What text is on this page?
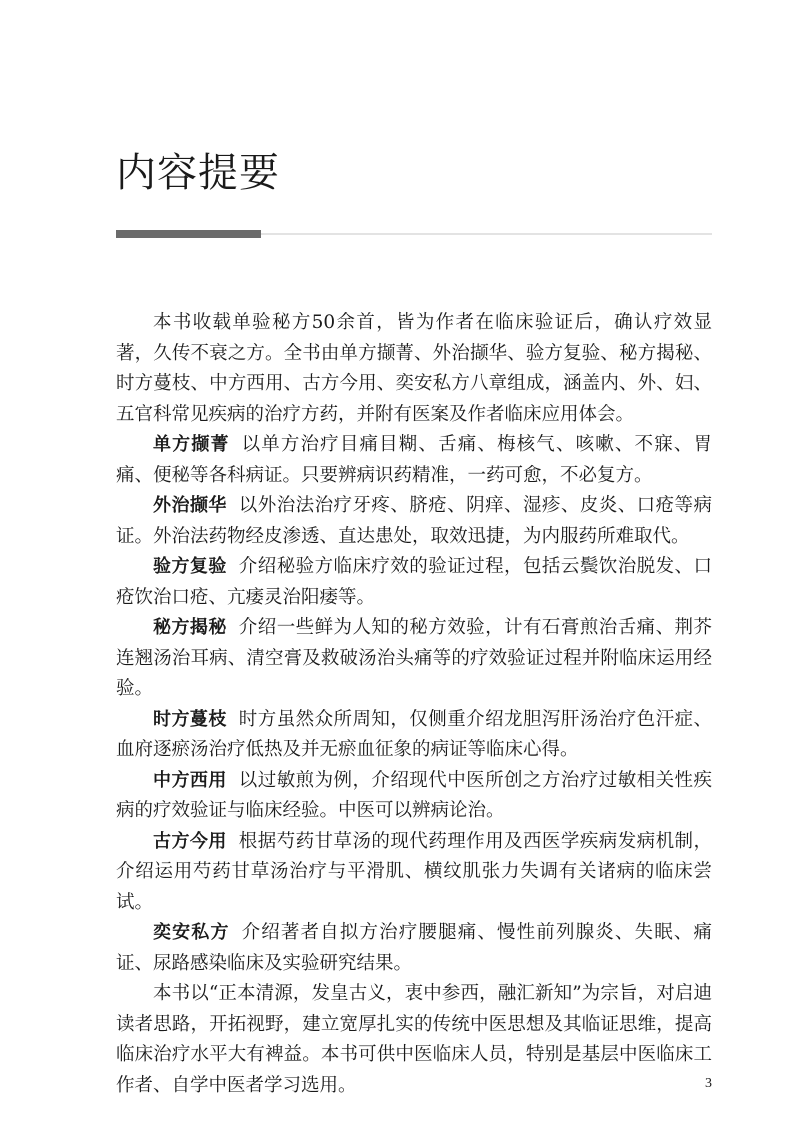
内容提要

本书收载单验秘方50余首，皆为作者在临床验证后，确认疗效显著，久传不衰之方。全书由单方撷菁、外治撷华、验方复验、秘方揭秘、时方蔓枝、中方西用、古方今用、奕安私方八章组成，涵盖内、外、妇、五官科常见疾病的治疗方药，并附有医案及作者临床应用体会。

单方撷菁 以单方治疗目痛目糊、舌痛、梅核气、咳嗽、不寐、胃痛、便秘等各科病证。只要辨病识药精准，一药可愈，不必复方。

外治撷华 以外治法治疗牙疼、脐疮、阴痒、湿疹、皮炎、口疮等病证。外治法药物经皮渗透、直达患处，取效迅捷，为内服药所难取代。

验方复验 介绍秘验方临床疗效的验证过程，包括云鬓饮治脱发、口疮饮治口疮、亢痿灵治阳痿等。

秘方揭秘 介绍一些鲜为人知的秘方效验，计有石膏煎治舌痛、荆芥连翘汤治耳病、清空膏及救破汤治头痛等的疗效验证过程并附临床运用经验。

时方蔓枝 时方虽然众所周知，仅侧重介绍龙胆泻肝汤治疗色汗症、血府逐瘀汤治疗低热及并无瘀血征象的病证等临床心得。

中方西用 以过敏煎为例，介绍现代中医所创之方治疗过敏相关性疾病的疗效验证与临床经验。中医可以辨病论治。

古方今用 根据芍药甘草汤的现代药理作用及西医学疾病发病机制，介绍运用芍药甘草汤治疗与平滑肌、横纹肌张力失调有关诸病的临床尝试。

奕安私方 介绍著者自拟方治疗腰腿痛、慢性前列腺炎、失眠、痛证、尿路感染临床及实验研究结果。

本书以“正本清源，发皇古义，衷中参西，融汇新知”为宗旨，对启迪读者思路，开拓视野，建立宽厚扎实的传统中医思想及其临证思维，提高临床治疗水平大有裨益。本书可供中医临床人员，特别是基层中医临床工作者、自学中医者学习选用。	3
